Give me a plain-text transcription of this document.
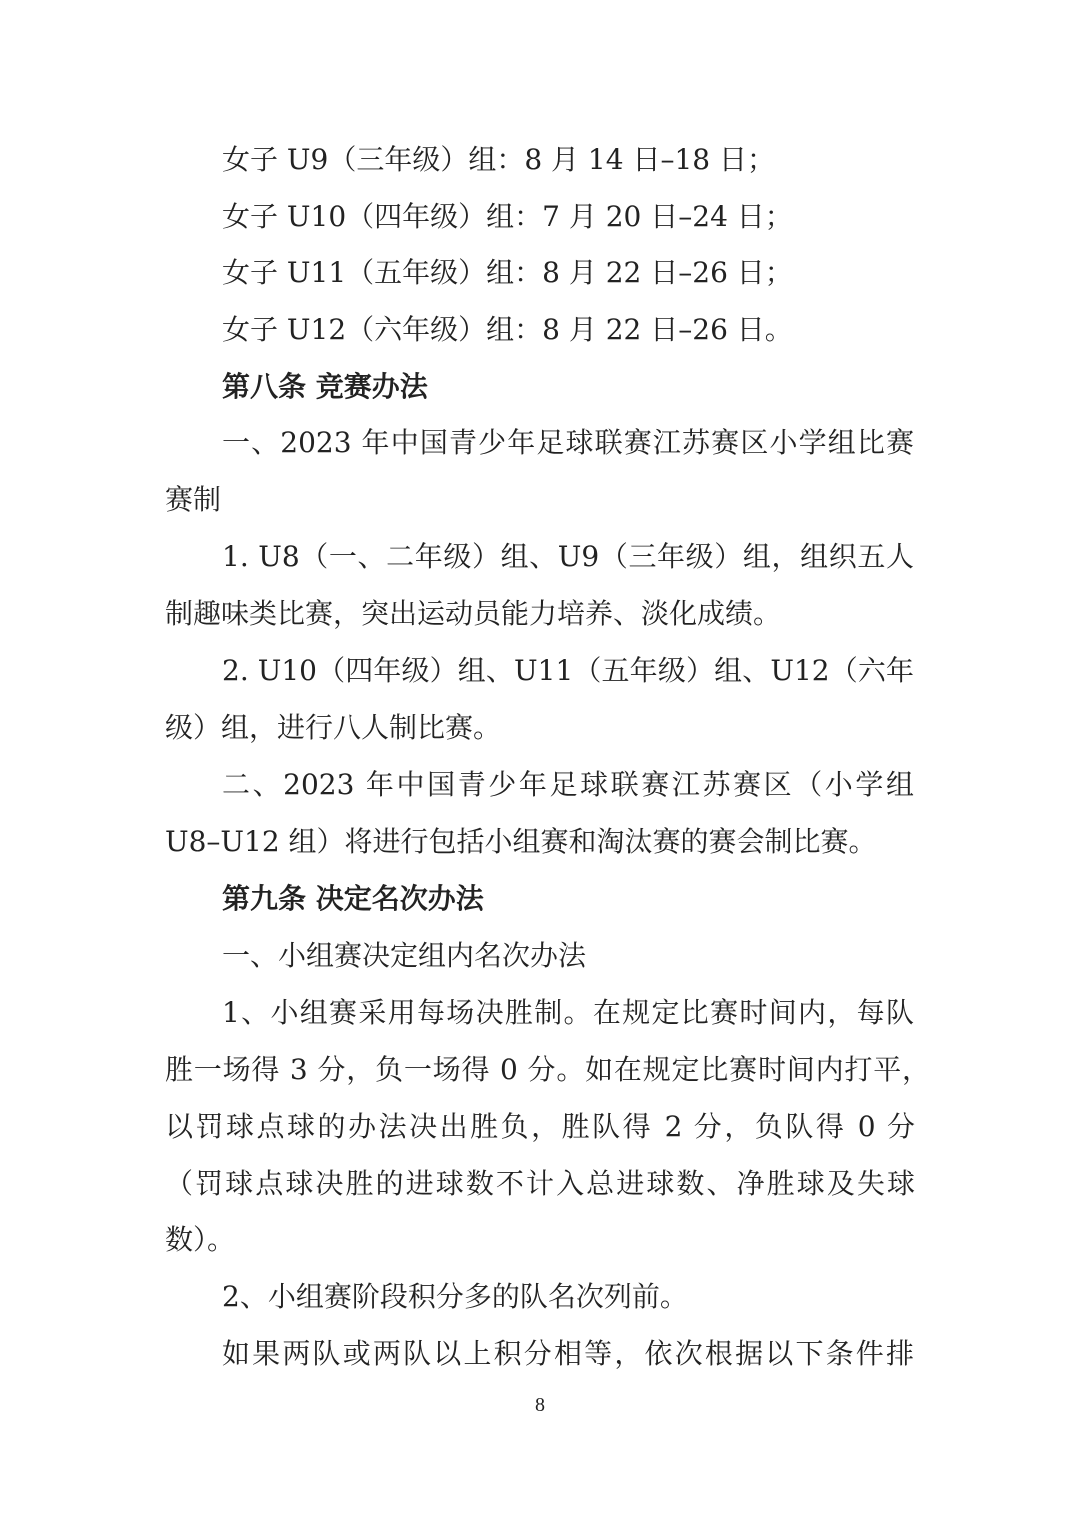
女子 U9（三年级）组：8 月 14 日–18 日；

女子 U10（四年级）组：7 月 20 日–24 日；

女子 U11（五年级）组：8 月 22 日–26 日；

女子 U12（六年级）组：8 月 22 日–26 日。

第八条 竞赛办法

一、2023 年中国青少年足球联赛江苏赛区小学组比赛

赛制

1. U8（一、二年级）组、U9（三年级）组，组织五人

制趣味类比赛，突出运动员能力培养、淡化成绩。

2. U10（四年级）组、U11（五年级）组、U12（六年

级）组，进行八人制比赛。

二、2023 年中国青少年足球联赛江苏赛区（小学组

U8–U12 组）将进行包括小组赛和淘汰赛的赛会制比赛。

第九条 决定名次办法

一、小组赛决定组内名次办法

1、小组赛采用每场决胜制。在规定比赛时间内，每队

胜一场得 3 分，负一场得 0 分。如在规定比赛时间内打平，

以罚球点球的办法决出胜负，胜队得 2 分，负队得 0 分

（罚球点球决胜的进球数不计入总进球数、净胜球及失球

数）。

2、小组赛阶段积分多的队名次列前。

如果两队或两队以上积分相等，依次根据以下条件排

8
